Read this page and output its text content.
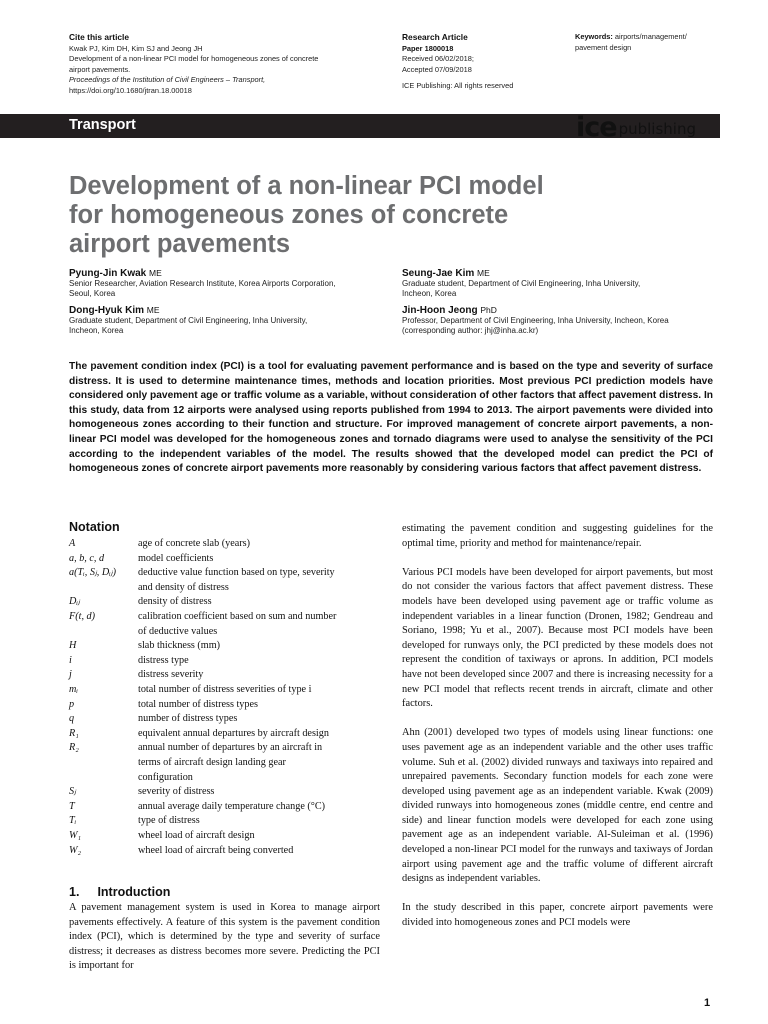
Cite this article
Kwak PJ, Kim DH, Kim SJ and Jeong JH
Development of a non-linear PCI model for homogeneous zones of concrete
airport pavements.
Proceedings of the Institution of Civil Engineers – Transport,
https://doi.org/10.1680/jtran.18.00018
Research Article
Paper 1800018
Received 06/02/2018;
Accepted 07/09/2018

ICE Publishing: All rights reserved
Keywords: airports/management/
pavement design
Transport	ice publishing
Development of a non-linear PCI model
for homogeneous zones of concrete
airport pavements
Pyung-Jin Kwak ME
Senior Researcher, Aviation Research Institute, Korea Airports Corporation,
Seoul, Korea
Dong-Hyuk Kim ME
Graduate student, Department of Civil Engineering, Inha University,
Incheon, Korea
Seung-Jae Kim ME
Graduate student, Department of Civil Engineering, Inha University,
Incheon, Korea
Jin-Hoon Jeong PhD
Professor, Department of Civil Engineering, Inha University, Incheon, Korea
(corresponding author: jhj@inha.ac.kr)
The pavement condition index (PCI) is a tool for evaluating pavement performance and is based on the type and severity of surface distress. It is used to determine maintenance times, methods and location priorities. Most previous PCI prediction models have considered only pavement age or traffic volume as a variable, without consideration of other factors that affect pavement distress. In this study, data from 12 airports were analysed using reports published from 1994 to 2013. The airport pavements were divided into homogeneous zones according to their function and structure. For improved management of concrete airport pavements, a non-linear PCI model was developed for the homogeneous zones and tornado diagrams were used to analyse the sensitivity of the PCI according to the independent variables of the model. The results showed that the developed model can predict the PCI of homogeneous zones of concrete airport pavements more reasonably by considering various factors that affect pavement distress.
Notation
A	age of concrete slab (years)
a, b, c, d	model coefficients
a(Tᵢ, Sⱼ, Dᵢⱼ)	deductive value function based on type, severity
and density of distress
Dᵢⱼ	density of distress
F(t, d)	calibration coefficient based on sum and number
of deductive values
H	slab thickness (mm)
i	distress type
j	distress severity
mᵢ	total number of distress severities of type i
p	total number of distress types
q	number of distress types
R₁	equivalent annual departures by aircraft design
R₂	annual number of departures by an aircraft in
terms of aircraft design landing gear
configuration
Sⱼ	severity of distress
T	annual average daily temperature change (°C)
Tᵢ	type of distress
W₁	wheel load of aircraft design
W₂	wheel load of aircraft being converted
1. Introduction
A pavement management system is used in Korea to manage airport pavements effectively. A feature of this system is the pavement condition index (PCI), which is determined by the type and severity of surface distress; it decreases as distress becomes more severe. Predicting the PCI is important for

estimating the pavement condition and suggesting guidelines for the optimal time, priority and method for maintenance/repair.

Various PCI models have been developed for airport pavements, but most do not consider the various factors that affect pavement distress. These models have been developed using pavement age or traffic volume as independent variables in a linear function (Dronen, 1982; Gendreau and Soriano, 1998; Yu et al., 2007). Because most PCI models have been developed for runways only, the PCI predicted by these models does not represent the condition of taxiways or aprons. In addition, PCI models have not been developed since 2007 and there is increasing necessity for a new PCI model that reflects recent trends in aircraft, climate and other factors.

Ahn (2001) developed two types of models using linear functions: one uses pavement age as an independent variable and the other uses traffic volume. Suh et al. (2002) divided runways and taxiways into repaired and unrepaired pavements. Secondary function models for each zone were developed using pavement age as an independent variable. Kwak (2009) divided runways into homogeneous zones (middle centre, end centre and side) and linear function models were developed for each zone using pavement age as an independent variable. Al-Suleiman et al. (1996) developed a non-linear PCI model for the runways and taxiways of Jordan airport using pavement age and the traffic volume of different aircraft designs as independent variables.

In the study described in this paper, concrete airport pavements were divided into homogeneous zones and PCI models were

1
